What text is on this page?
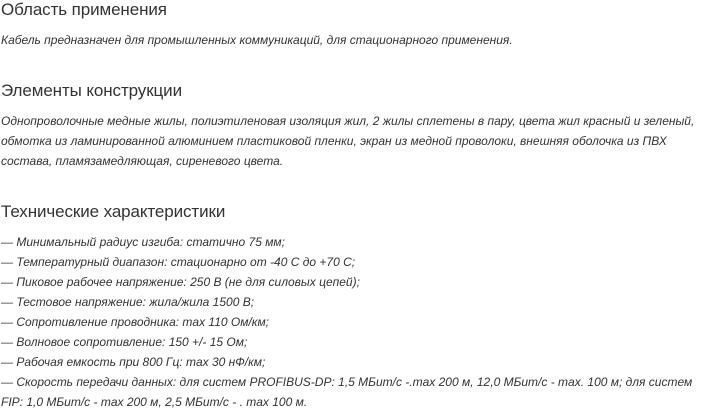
Область применения

Кабель предназначен для промышленных коммуникаций, для стационарного применения.

Элементы конструкции

Однопроволочные медные жилы, полиэтиленовая изоляция жил, 2 жилы сплетены в пару, цвета жил красный и зеленый, обмотка из ламинированной алюминием пластиковой пленки, экран из медной проволоки, внешняя оболочка из ПВХ состава, пламязамедляющая, сиреневого цвета.

Технические характеристики
— Минимальный радиус изгиба: статично 75 мм;
— Температурный диапазон: стационарно от -40 С до +70 С;
— Пиковое рабочее напряжение: 250 В (не для силовых цепей);
— Тестовое напряжение: жила/жила 1500 В;
— Сопротивление проводника: max 110 Ом/км;
— Волновое сопротивление: 150 +/- 15 Ом;
— Рабочая емкость при 800 Гц: max 30 нФ/км;
— Скорость передачи данных: для систем PROFIBUS-DP: 1,5 МБит/с -.max 200 м, 12,0 МБит/с - max. 100 м; для систем FIP: 1,0 МБит/с - max 200 м, 2,5 МБит/с - . max 100 м.
